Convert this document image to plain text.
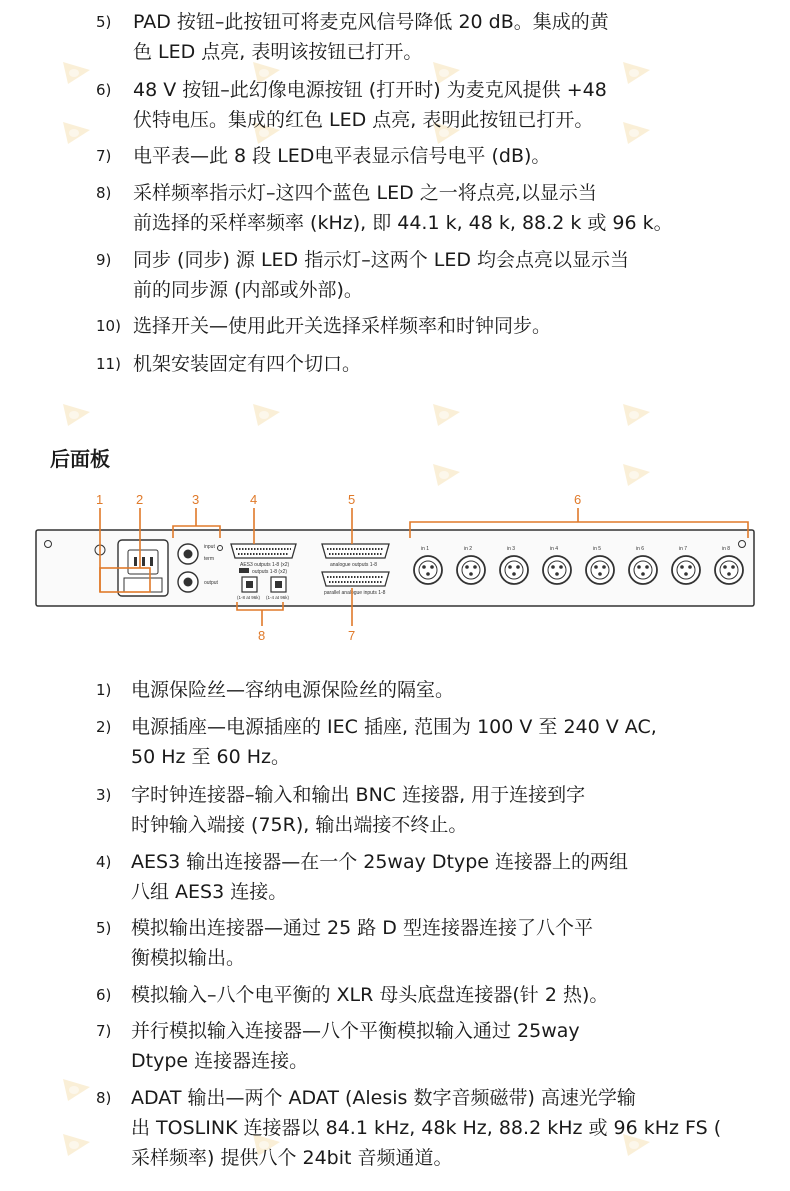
5)	PAD 按钮–此按钮可将麦克风信号降低 20 dB。集成的黄
色 LED 点亮, 表明该按钮已打开。
6)	48 V 按钮–此幻像电源按钮 (打开时) 为麦克风提供 +48
伏特电压。集成的红色 LED 点亮, 表明此按钮已打开。
7)	电平表—此 8 段 LED电平表显示信号电平 (dB)。
8)	采样频率指示灯–这四个蓝色 LED 之一将点亮,以显示当
前选择的采样率频率 (kHz), 即 44.1 k, 48 k, 88.2 k 或 96 k。
9)	同步 (同步) 源 LED 指示灯–这两个 LED 均会点亮以显示当
前的同步源 (内部或外部)。
10) 选择开关—使用此开关选择采样频率和时钟同步。
11) 机架安装固定有四个切口。
后面板
1	2	3	4	5	6
8	7
input
term
output
AES3 outputs 1-8 (x2)
outputs 1-8 (x2)
(1-8 at 96k) (1-4 at 96k)
analogue outputs 1-8
parallel analogue inputs 1-8
in 1	in 2	in 3	in 4	in 5	in 6	in 7	in 8
1)	电源保险丝—容纳电源保险丝的隔室。
2)	电源插座—电源插座的 IEC 插座, 范围为 100 V 至 240 V AC,
50 Hz 至 60 Hz。
3)	字时钟连接器–输入和输出 BNC 连接器, 用于连接到字
时钟输入端接 (75R), 输出端接不终止。
4)	AES3 输出连接器—在一个 25way Dtype 连接器上的两组
八组 AES3 连接。
5)	模拟输出连接器—通过 25 路 D 型连接器连接了八个平
衡模拟输出。
6)	模拟输入–八个电平衡的 XLR 母头底盘连接器(针 2 热)。
7)	并行模拟输入连接器—八个平衡模拟输入通过 25way
Dtype 连接器连接。
8)	ADAT 输出—两个 ADAT (Alesis 数字音频磁带) 高速光学输
出 TOSLINK 连接器以 84.1 kHz, 48k Hz, 88.2 kHz 或 96 kHz FS (
采样频率) 提供八个 24bit 音频通道。
